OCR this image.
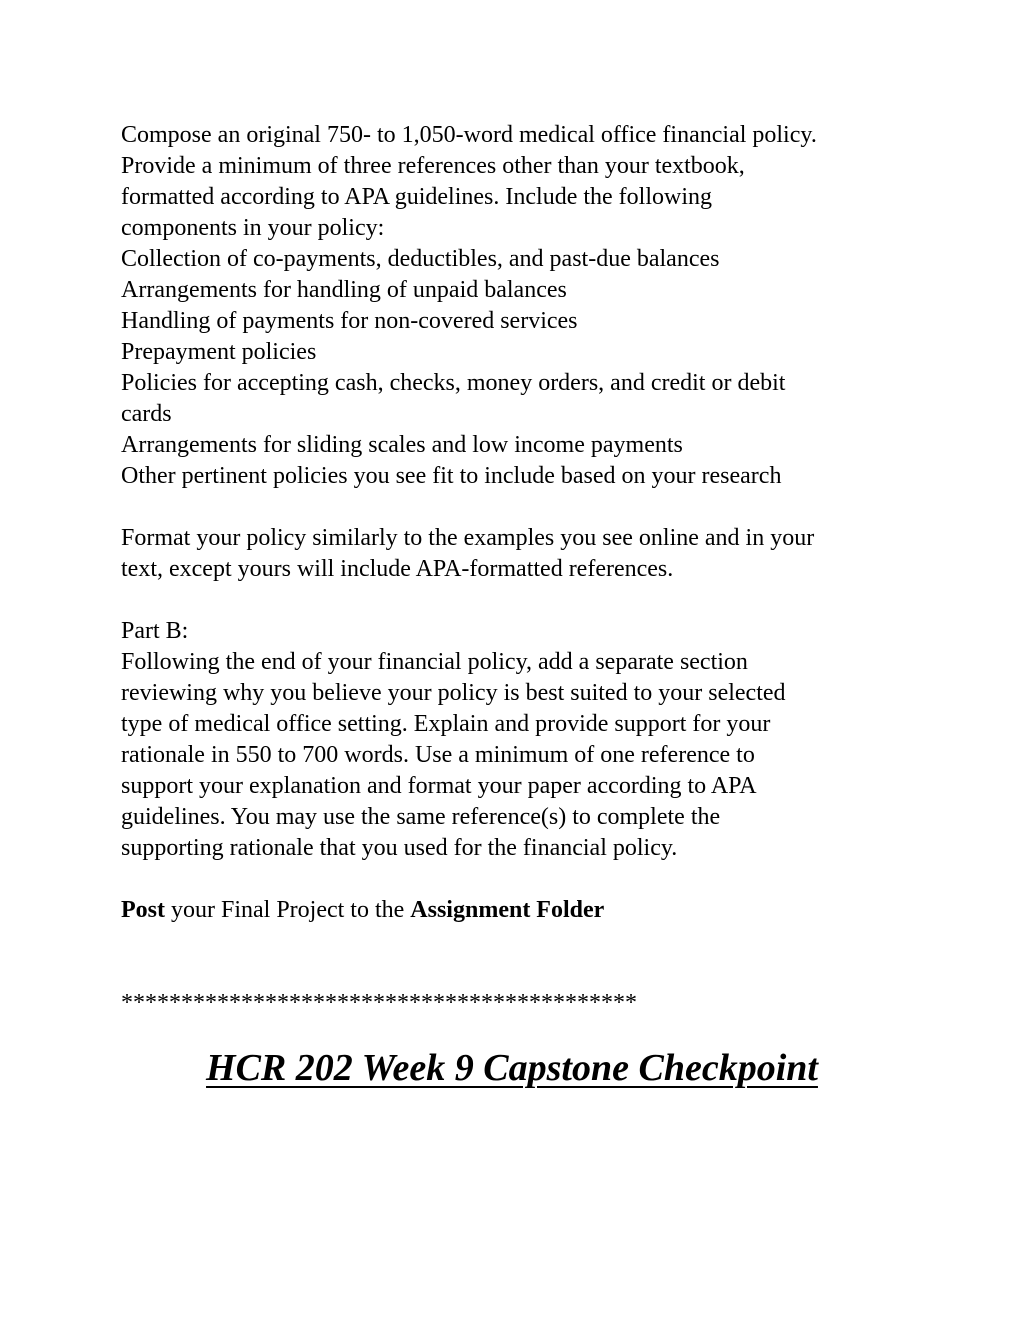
Compose an original 750- to 1,050-word medical office financial policy.
Provide a minimum of three references other than your textbook,
formatted according to APA guidelines. Include the following
components in your policy:
Collection of co-payments, deductibles, and past-due balances
Arrangements for handling of unpaid balances
Handling of payments for non-covered services
Prepayment policies
Policies for accepting cash, checks, money orders, and credit or debit
cards
Arrangements for sliding scales and low income payments
Other pertinent policies you see fit to include based on your research
Format your policy similarly to the examples you see online and in your
text, except yours will include APA-formatted references.
Part B:
Following the end of your financial policy, add a separate section
reviewing why you believe your policy is best suited to your selected
type of medical office setting. Explain and provide support for your
rationale in 550 to 700 words. Use a minimum of one reference to
support your explanation and format your paper according to APA
guidelines. You may use the same reference(s) to complete the
supporting rationale that you used for the financial policy.
Post your Final Project to the Assignment Folder
*******************************************
HCR 202 Week 9 Capstone Checkpoint
